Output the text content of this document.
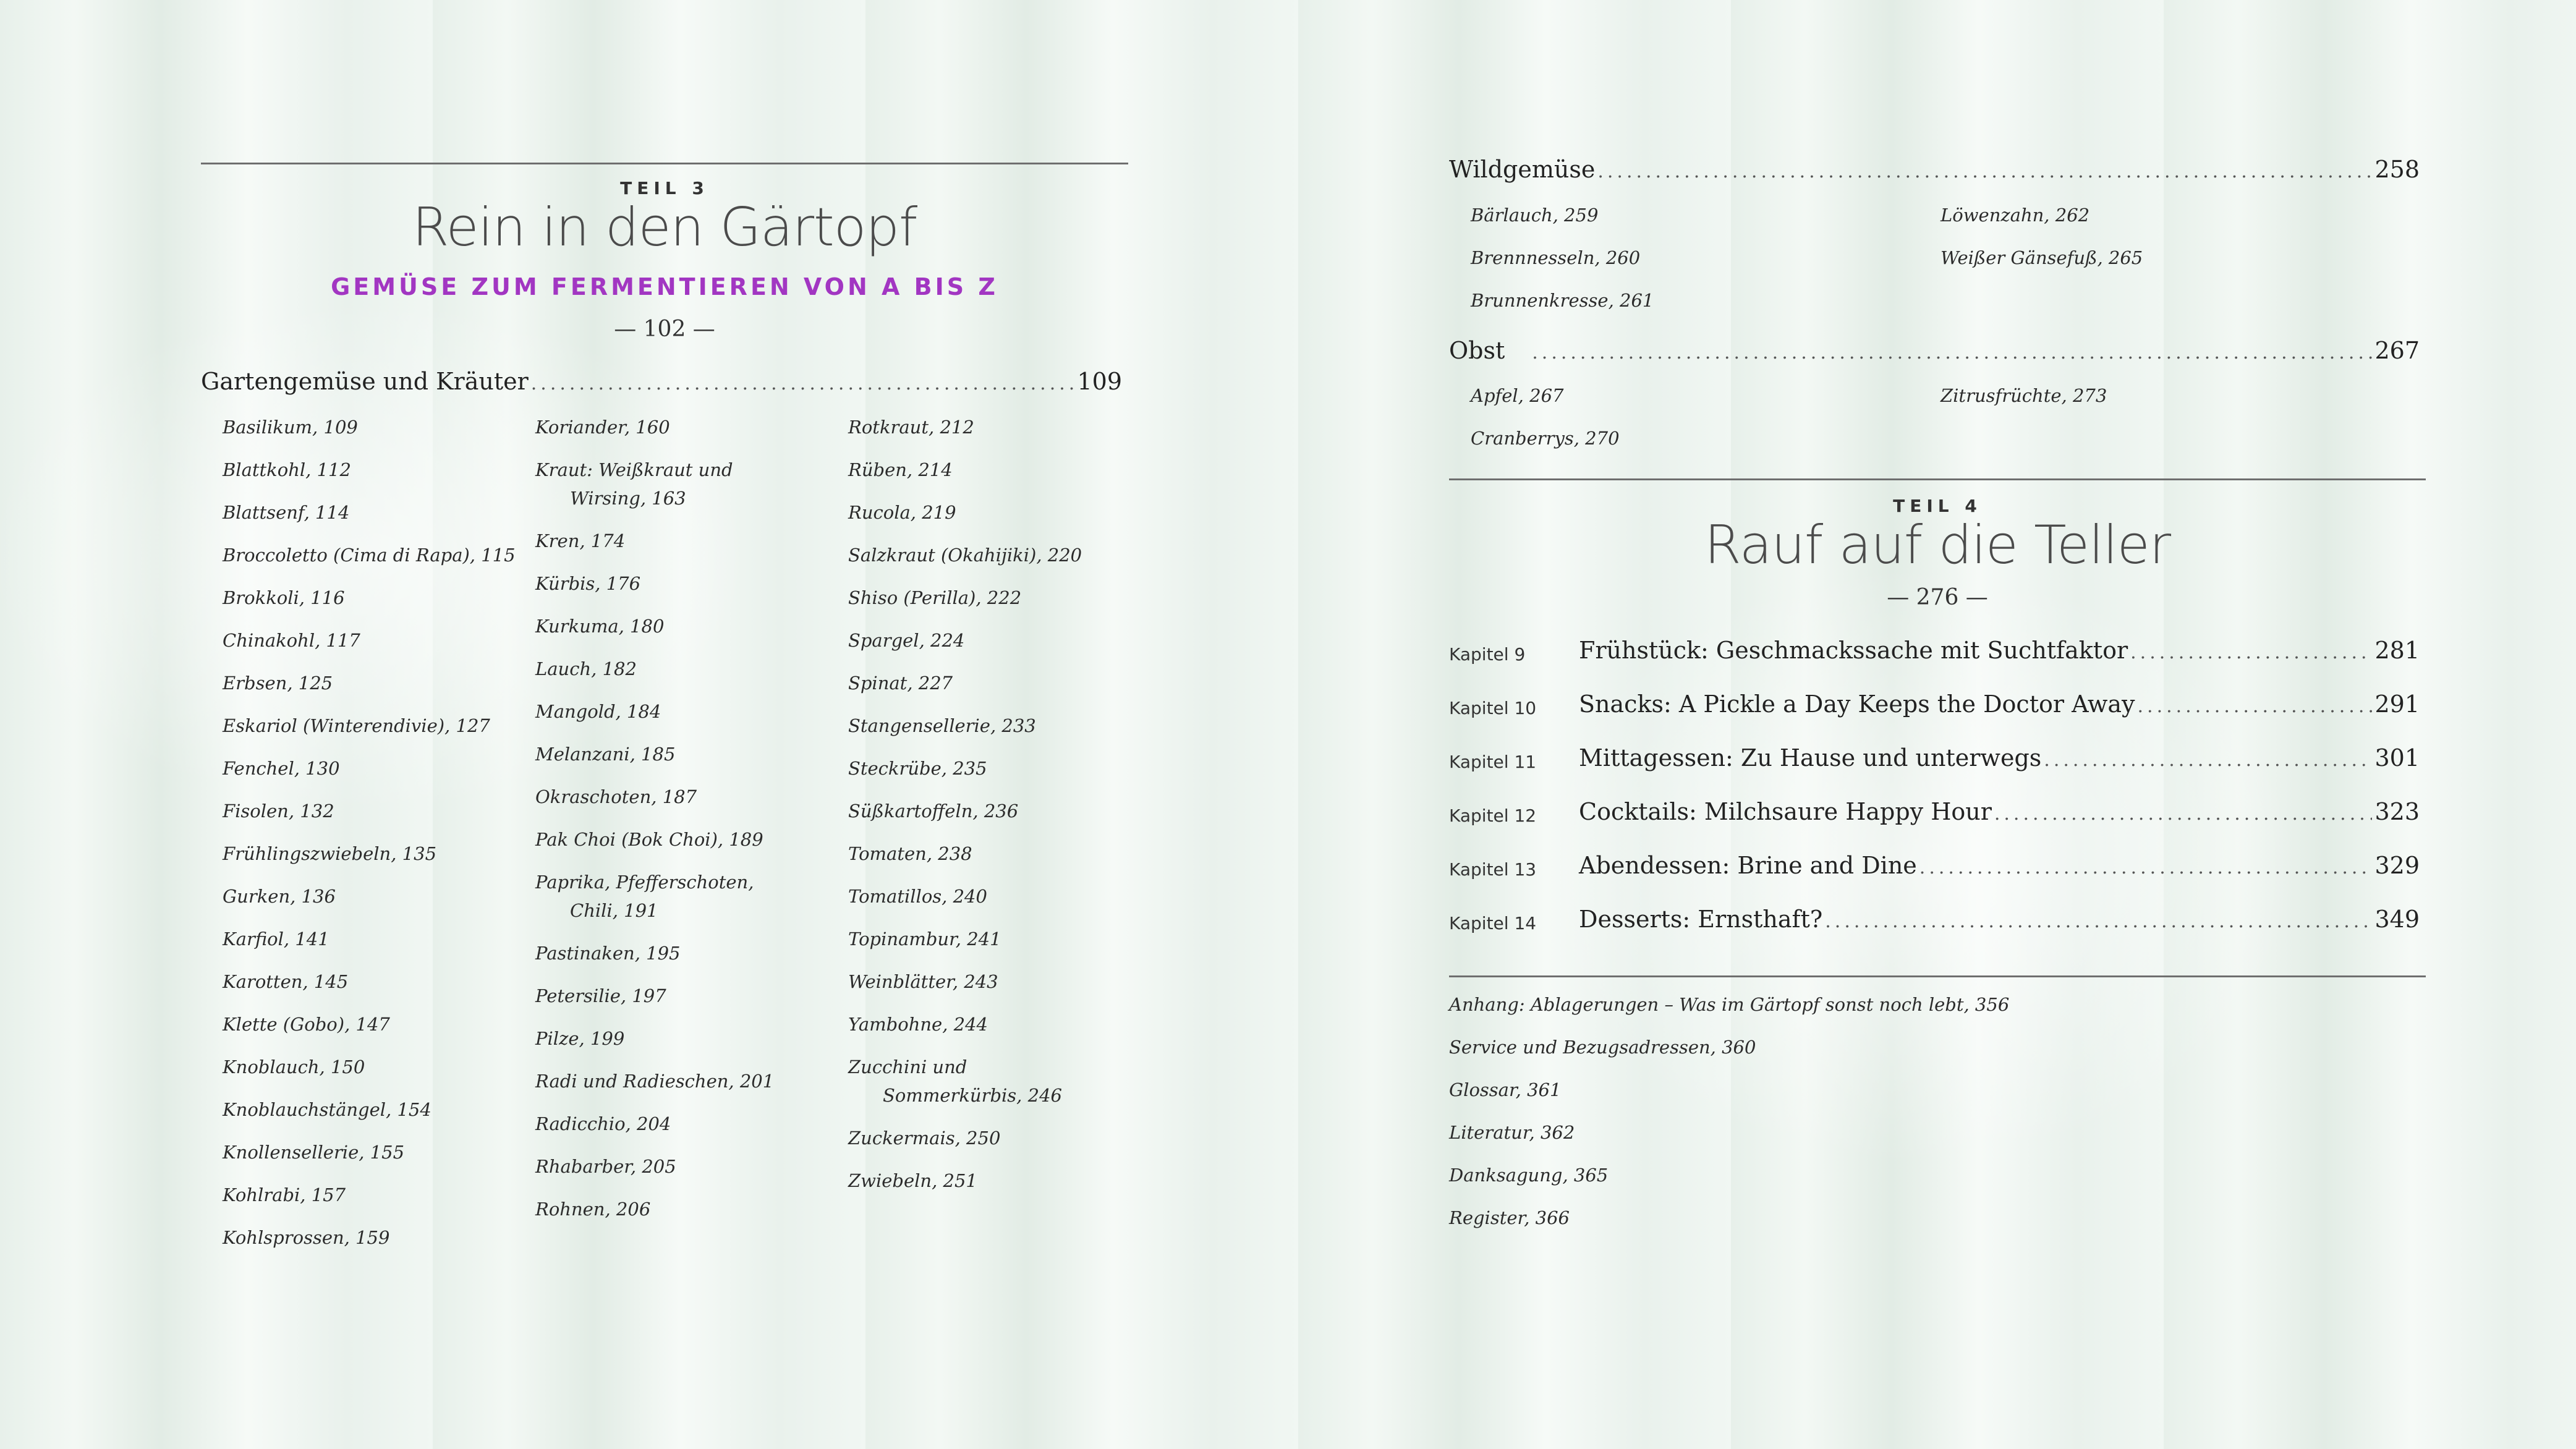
TEIL 3
Rein in den Gärtopf
GEMÜSE ZUM FERMENTIEREN VON A BIS Z
— 102 —
Gartengemüse und Kräuter .....	109
Basilikum, 109
Blattkohl, 112
Blattsenf, 114
Broccoletto (Cima di Rapa), 115
Brokkoli, 116
Chinakohl, 117
Erbsen, 125
Eskariol (Winterendivie), 127
Fenchel, 130
Fisolen, 132
Frühlingszwiebeln, 135
Gurken, 136
Karfiol, 141
Karotten, 145
Klette (Gobo), 147
Knoblauch, 150
Knoblauchstängel, 154
Knollensellerie, 155
Kohlrabi, 157
Kohlsprossen, 159
Koriander, 160
Kraut: Weißkraut und
Wirsing, 163
Kren, 174
Kürbis, 176
Kurkuma, 180
Lauch, 182
Mangold, 184
Melanzani, 185
Okraschoten, 187
Pak Choi (Bok Choi), 189
Paprika, Pfefferschoten,
Chili, 191
Pastinaken, 195
Petersilie, 197
Pilze, 199
Radi und Radieschen, 201
Radicchio, 204
Rhabarber, 205
Rohnen, 206
Rotkraut, 212
Rüben, 214
Rucola, 219
Salzkraut (Okahijiki), 220
Shiso (Perilla), 222
Spargel, 224
Spinat, 227
Stangensellerie, 233
Steckrübe, 235
Süßkartoffeln, 236
Tomaten, 238
Tomatillos, 240
Topinambur, 241
Weinblätter, 243
Yambohne, 244
Zucchini und
Sommerkürbis, 246
Zuckermais, 250
Zwiebeln, 251
Wildgemüse .....	258
Bärlauch, 259	Löwenzahn, 262
Brennnesseln, 260	Weißer Gänsefuß, 265
Brunnenkresse, 261
Obst .....	267
Apfel, 267	Zitrusfrüchte, 273
Cranberrys, 270
TEIL 4
Rauf auf die Teller
— 276 —
Kapitel 9 Frühstück: Geschmackssache mit Suchtfaktor .....	281
Kapitel 10 Snacks: A Pickle a Day Keeps the Doctor Away .....	291
Kapitel 11 Mittagessen: Zu Hause und unterwegs .....	301
Kapitel 12 Cocktails: Milchsaure Happy Hour .....	323
Kapitel 13 Abendessen: Brine and Dine .....	329
Kapitel 14 Desserts: Ernsthaft? .....	349
Anhang: Ablagerungen – Was im Gärtopf sonst noch lebt, 356
Service und Bezugsadressen, 360
Glossar, 361
Literatur, 362
Danksagung, 365
Register, 366
